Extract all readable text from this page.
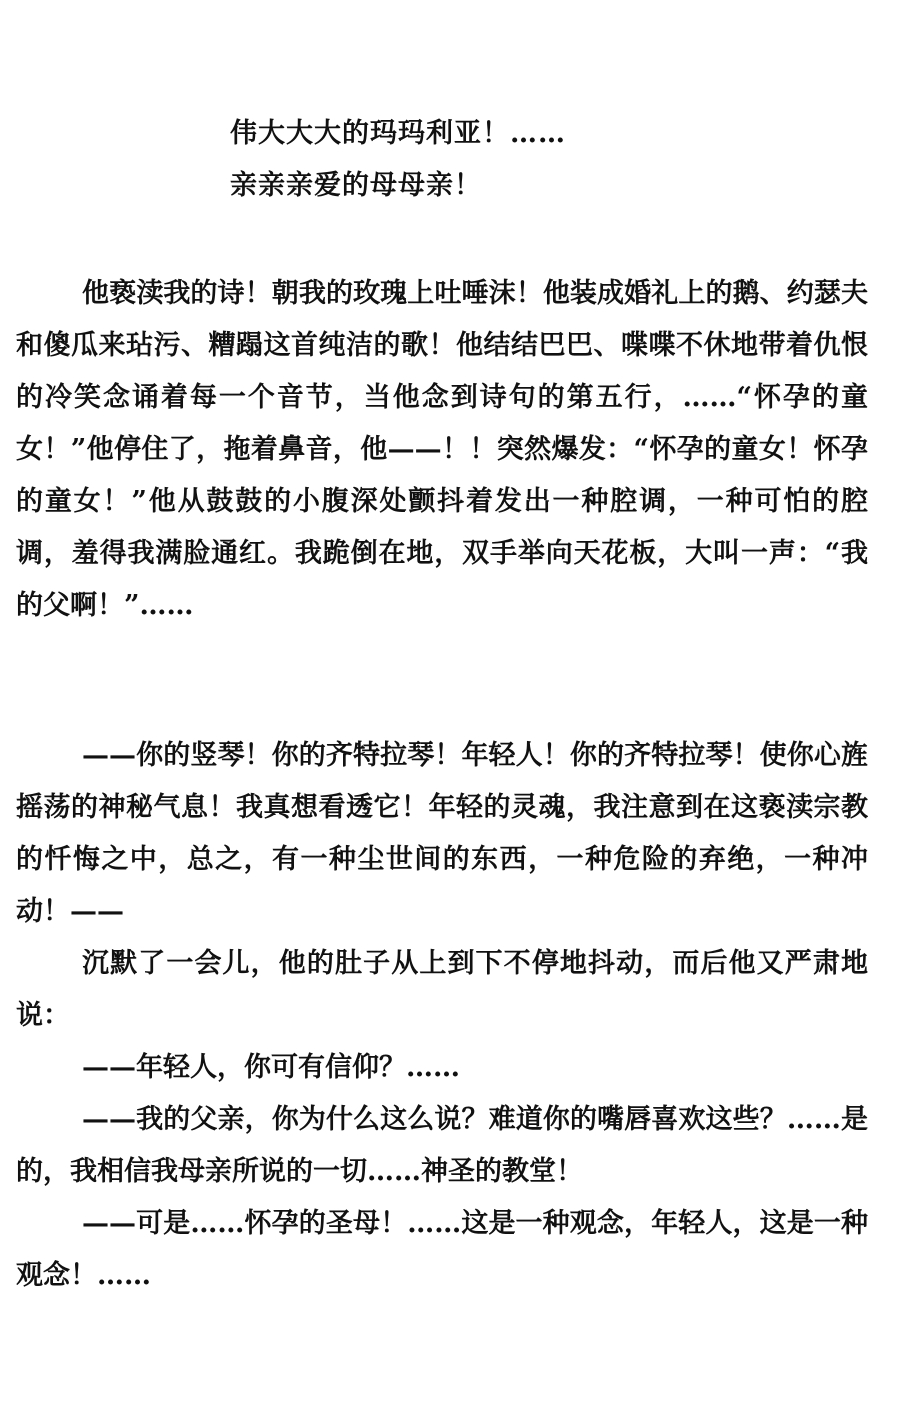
伟大大大的玛玛利亚！……
亲亲亲爱的母母亲！

他亵渎我的诗！朝我的玫瑰上吐唾沫！他装成婚礼上的鹅、约瑟夫和傻瓜来玷污、糟蹋这首纯洁的歌！他结结巴巴、喋喋不休地带着仇恨的冷笑念诵着每一个音节，当他念到诗句的第五行，……“怀孕的童女！”他停住了，拖着鼻音，他——！！突然爆发：“怀孕的童女！怀孕的童女！”他从鼓鼓的小腹深处颤抖着发出一种腔调，一种可怕的腔调，羞得我满脸通红。我跪倒在地，双手举向天花板，大叫一声：“我的父啊！”……

——你的竖琴！你的齐特拉琴！年轻人！你的齐特拉琴！使你心旌摇荡的神秘气息！我真想看透它！年轻的灵魂，我注意到在这亵渎宗教的忏悔之中，总之，有一种尘世间的东西，一种危险的弃绝，一种冲动！——

沉默了一会儿，他的肚子从上到下不停地抖动，而后他又严肃地说：

——年轻人，你可有信仰？……

——我的父亲，你为什么这么说？难道你的嘴唇喜欢这些？……是的，我相信我母亲所说的一切……神圣的教堂！

——可是……怀孕的圣母！……这是一种观念，年轻人，这是一种观念！……
